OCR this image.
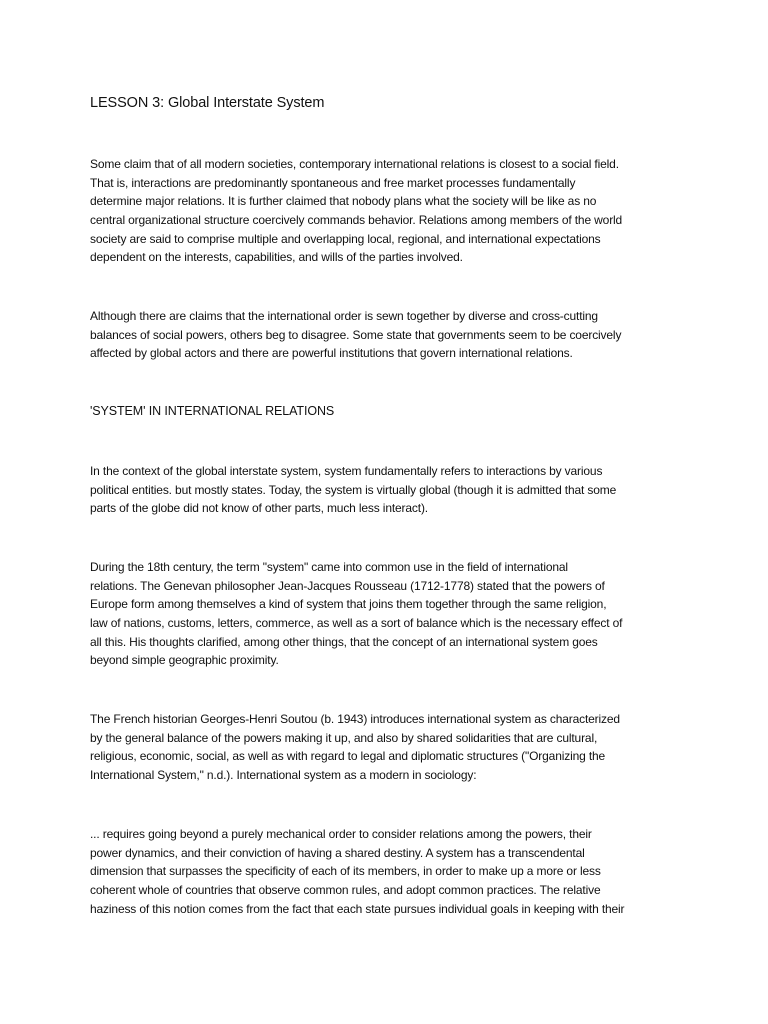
LESSON 3: Global Interstate System
Some claim that of all modern societies, contemporary international relations is closest to a social field.
That is, interactions are predominantly spontaneous and free market processes fundamentally
determine major relations. It is further claimed that nobody plans what the society will be like as no
central organizational structure coercively commands behavior. Relations among members of the world
society are said to comprise multiple and overlapping local, regional, and international expectations
dependent on the interests, capabilities, and wills of the parties involved.
Although there are claims that the international order is sewn together by diverse and cross-cutting
balances of social powers, others beg to disagree. Some state that governments seem to be coercively
affected by global actors and there are powerful institutions that govern international relations.
'SYSTEM' IN INTERNATIONAL RELATIONS
In the context of the global interstate system, system fundamentally refers to interactions by various
political entities. but mostly states. Today, the system is virtually global (though it is admitted that some
parts of the globe did not know of other parts, much less interact).
During the 18th century, the term "system" came into common use in the field of international
relations. The Genevan philosopher Jean-Jacques Rousseau (1712-1778) stated that the powers of
Europe form among themselves a kind of system that joins them together through the same religion,
law of nations, customs, letters, commerce, as well as a sort of balance which is the necessary effect of
all this. His thoughts clarified, among other things, that the concept of an international system goes
beyond simple geographic proximity.
The French historian Georges-Henri Soutou (b. 1943) introduces international system as characterized
by the general balance of the powers making it up, and also by shared solidarities that are cultural,
religious, economic, social, as well as with regard to legal and diplomatic structures ("Organizing the
International System," n.d.). International system as a modern in sociology:
... requires going beyond a purely mechanical order to consider relations among the powers, their
power dynamics, and their conviction of having a shared destiny. A system has a transcendental
dimension that surpasses the specificity of each of its members, in order to make up a more or less
coherent whole of countries that observe common rules, and adopt common practices. The relative
haziness of this notion comes from the fact that each state pursues individual goals in keeping with their
